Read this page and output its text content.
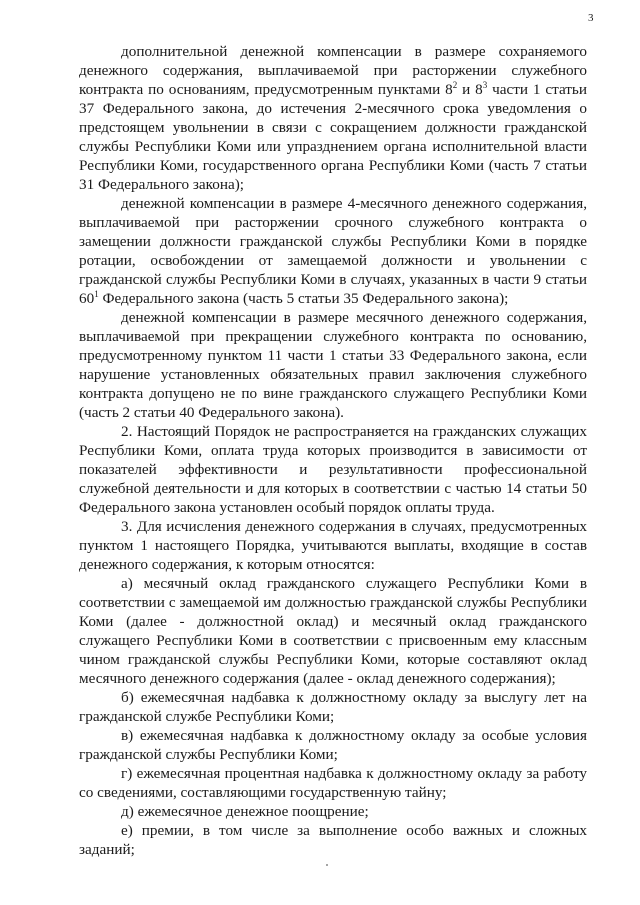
3

дополнительной денежной компенсации в размере сохраняемого денежного содержания, выплачиваемой при расторжении служебного контракта по основаниям, предусмотренным пунктами $8^2$ и $8^3$ части 1 статьи 37 Федерального закона, до истечения 2-месячного срока уведомления о предстоящем увольнении в связи с сокращением должности гражданской службы Республики Коми или упразднением органа исполнительной власти Республики Коми, государственного органа Республики Коми (часть 7 статьи 31 Федерального закона);

денежной компенсации в размере 4-месячного денежного содержания, выплачиваемой при расторжении срочного служебного контракта о замещении должности гражданской службы Республики Коми в порядке ротации, освобождении от замещаемой должности и увольнении с гражданской службы Республики Коми в случаях, указанных в части 9 статьи $60^1$ Федерального закона (часть 5 статьи 35 Федерального закона);

денежной компенсации в размере месячного денежного содержания, выплачиваемой при прекращении служебного контракта по основанию, предусмотренному пунктом 11 части 1 статьи 33 Федерального закона, если нарушение установленных обязательных правил заключения служебного контракта допущено не по вине гражданского служащего Республики Коми (часть 2 статьи 40 Федерального закона).

2. Настоящий Порядок не распространяется на гражданских служащих Республики Коми, оплата труда которых производится в зависимости от показателей эффективности и результативности профессиональной служебной деятельности и для которых в соответствии с частью 14 статьи 50 Федерального закона установлен особый порядок оплаты труда.

3. Для исчисления денежного содержания в случаях, предусмотренных пунктом 1 настоящего Порядка, учитываются выплаты, входящие в состав денежного содержания, к которым относятся:

а) месячный оклад гражданского служащего Республики Коми в соответствии с замещаемой им должностью гражданской службы Республики Коми (далее - должностной оклад) и месячный оклад гражданского служащего Республики Коми в соответствии с присвоенным ему классным чином гражданской службы Республики Коми, которые составляют оклад месячного денежного содержания (далее - оклад денежного содержания);

б) ежемесячная надбавка к должностному окладу за выслугу лет на гражданской службе Республики Коми;

в) ежемесячная надбавка к должностному окладу за особые условия гражданской службы Республики Коми;

г) ежемесячная процентная надбавка к должностному окладу за работу со сведениями, составляющими государственную тайну;

д) ежемесячное денежное поощрение;

е) премии, в том числе за выполнение особо важных и сложных заданий;
